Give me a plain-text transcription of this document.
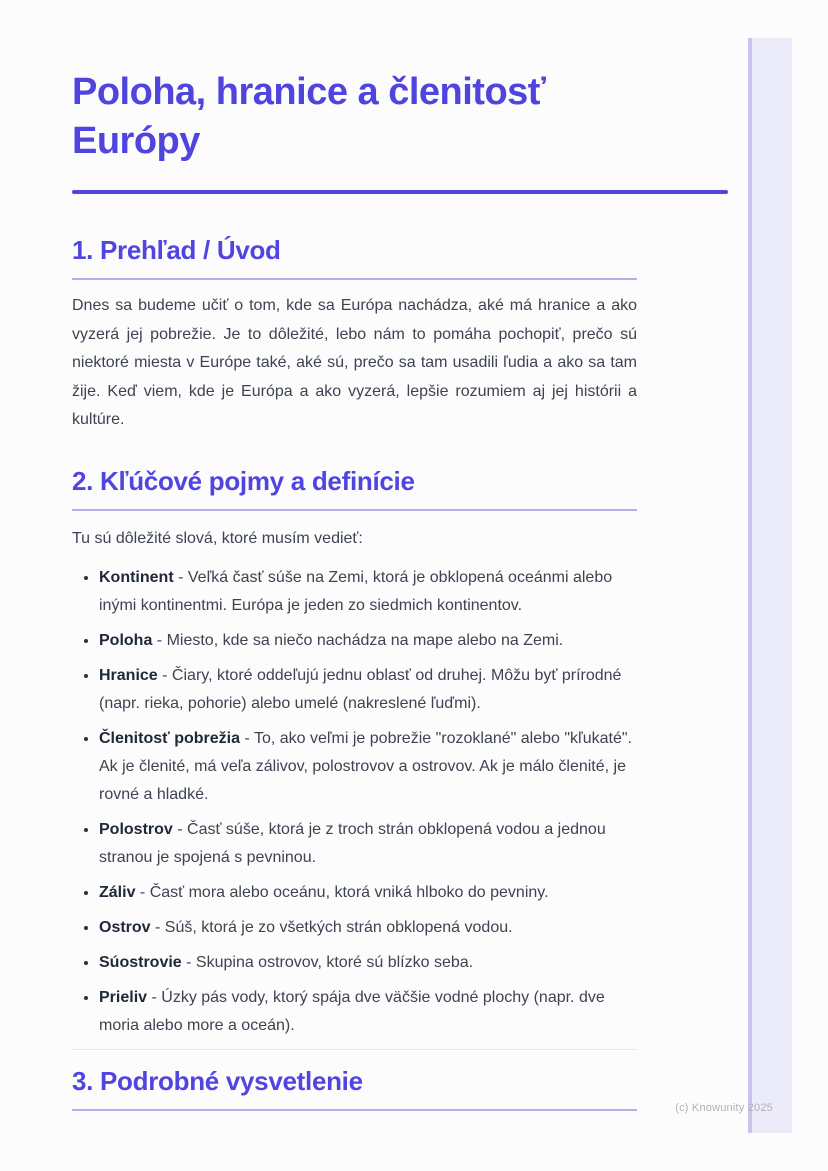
Poloha, hranice a členitosť Európy
1. Prehľad / Úvod

Dnes sa budeme učiť o tom, kde sa Európa nachádza, aké má hranice a ako vyzerá jej pobrežie. Je to dôležité, lebo nám to pomáha pochopiť, prečo sú niektoré miesta v Európe také, aké sú, prečo sa tam usadili ľudia a ako sa tam žije. Keď viem, kde je Európa a ako vyzerá, lepšie rozumiem aj jej histórii a kultúre.

2. Kľúčové pojmy a definície

Tu sú dôležité slová, ktoré musím vedieť:

• Kontinent - Veľká časť súše na Zemi, ktorá je obklopená oceánmi alebo inými kontinentmi. Európa je jeden zo siedmich kontinentov.
• Poloha - Miesto, kde sa niečo nachádza na mape alebo na Zemi.
• Hranice - Čiary, ktoré oddeľujú jednu oblasť od druhej. Môžu byť prírodné (napr. rieka, pohorie) alebo umelé (nakreslené ľuďmi).
• Členitosť pobrežia - To, ako veľmi je pobrežie "rozoklané" alebo "kľukaté". Ak je členité, má veľa zálivov, polostrovov a ostrovov. Ak je málo členité, je rovné a hladké.
• Polostrov - Časť súše, ktorá je z troch strán obklopená vodou a jednou stranou je spojená s pevninou.
• Záliv - Časť mora alebo oceánu, ktorá vniká hlboko do pevniny.
• Ostrov - Súš, ktorá je zo všetkých strán obklopená vodou.
• Súostrovie - Skupina ostrovov, ktoré sú blízko seba.
• Prieliv - Úzky pás vody, ktorý spája dve väčšie vodné plochy (napr. dve moria alebo more a oceán).
3. Podrobné vysvetlenie
(c) Knowunity 2025
